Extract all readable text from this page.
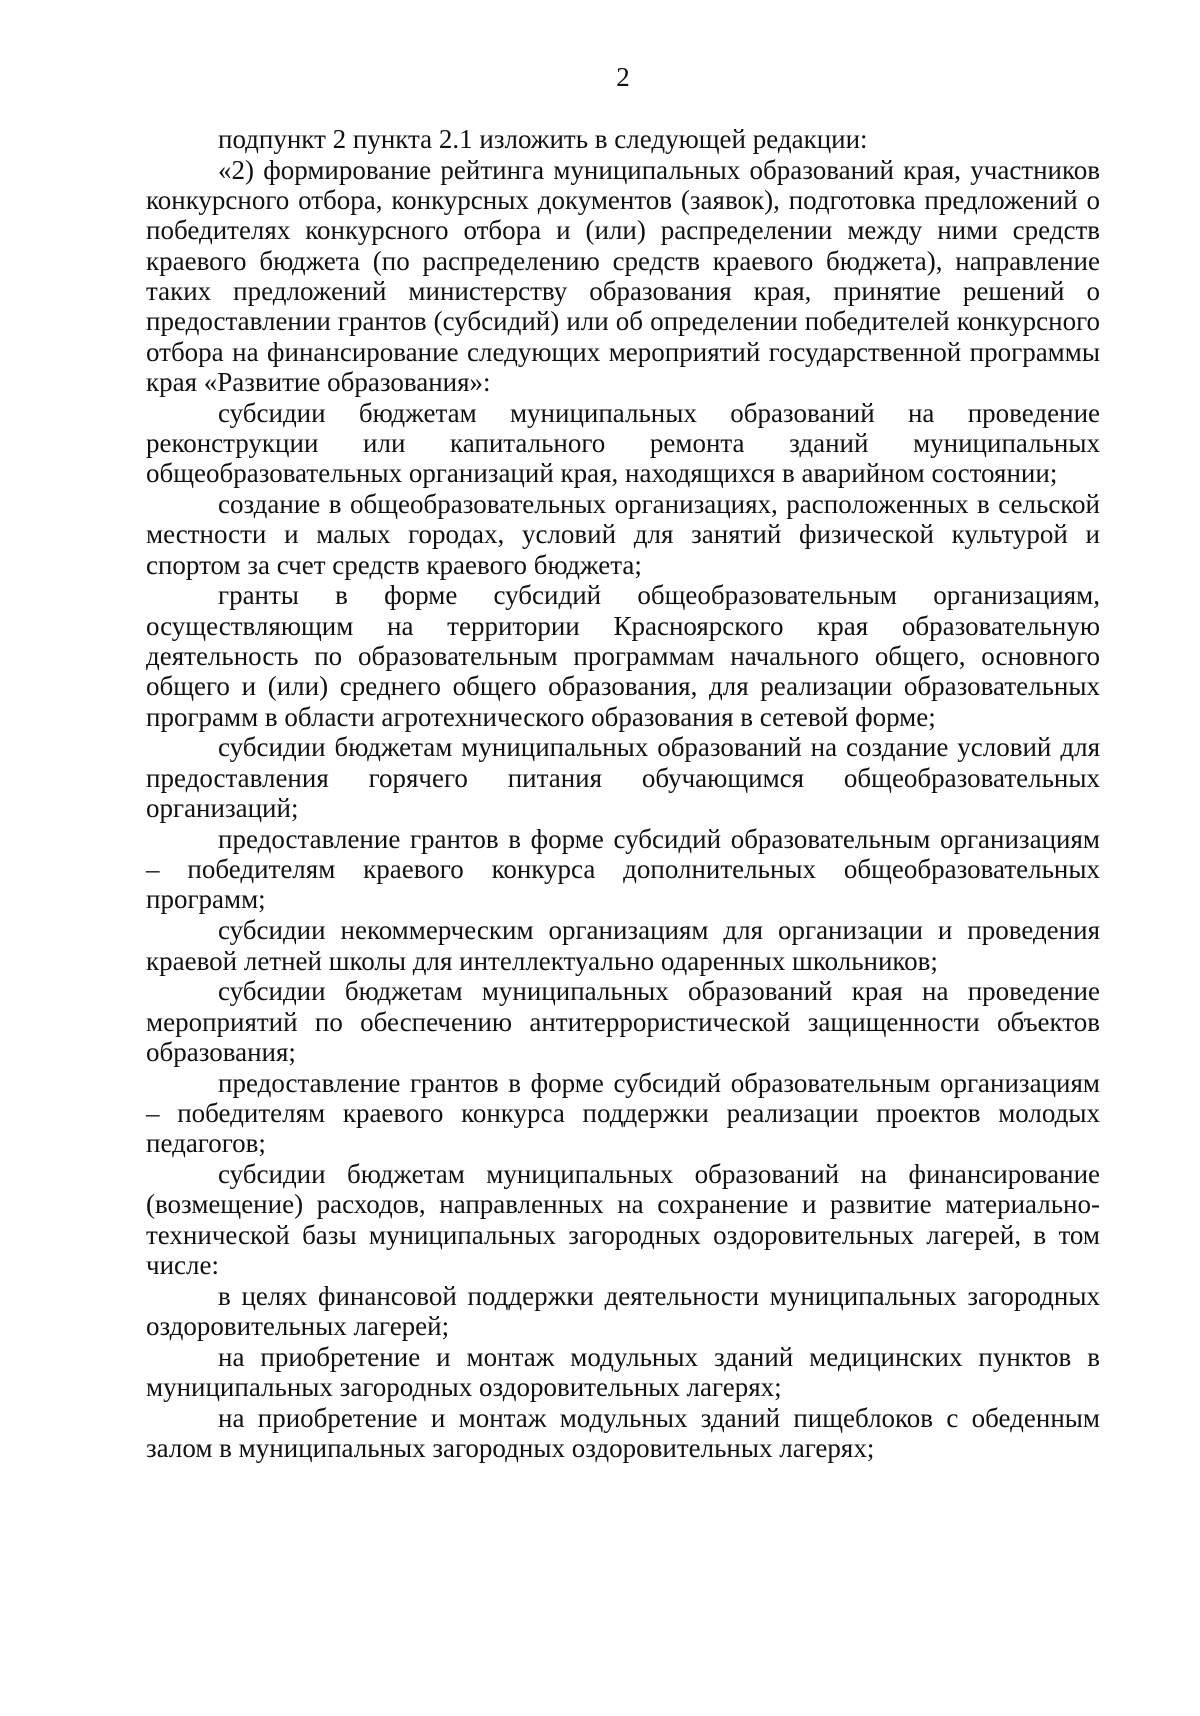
2

подпункт 2 пункта 2.1 изложить в следующей редакции:

«2) формирование рейтинга муниципальных образований края, участников конкурсного отбора, конкурсных документов (заявок), подготовка предложений о победителях конкурсного отбора и (или) распределении между ними средств краевого бюджета (по распределению средств краевого бюджета), направление таких предложений министерству образования края, принятие решений о предоставлении грантов (субсидий) или об определении победителей конкурсного отбора на финансирование следующих мероприятий государственной программы края «Развитие образования»:

субсидии бюджетам муниципальных образований на проведение реконструкции или капитального ремонта зданий муниципальных общеобразовательных организаций края, находящихся в аварийном состоянии;

создание в общеобразовательных организациях, расположенных в сельской местности и малых городах, условий для занятий физической культурой и спортом за счет средств краевого бюджета;

гранты в форме субсидий общеобразовательным организациям, осуществляющим на территории Красноярского края образовательную деятельность по образовательным программам начального общего, основного общего и (или) среднего общего образования, для реализации образовательных программ в области агротехнического образования в сетевой форме;

субсидии бюджетам муниципальных образований на создание условий для предоставления горячего питания обучающимся общеобразовательных организаций;

предоставление грантов в форме субсидий образовательным организациям – победителям краевого конкурса дополнительных общеобразовательных программ;

субсидии некоммерческим организациям для организации и проведения краевой летней школы для интеллектуально одаренных школьников;

субсидии бюджетам муниципальных образований края на проведение мероприятий по обеспечению антитеррористической защищенности объектов образования;

предоставление грантов в форме субсидий образовательным организациям – победителям краевого конкурса поддержки реализации проектов молодых педагогов;

субсидии бюджетам муниципальных образований на финансирование (возмещение) расходов, направленных на сохранение и развитие материально-технической базы муниципальных загородных оздоровительных лагерей, в том числе:

в целях финансовой поддержки деятельности муниципальных загородных оздоровительных лагерей;

на приобретение и монтаж модульных зданий медицинских пунктов в муниципальных загородных оздоровительных лагерях;

на приобретение и монтаж модульных зданий пищеблоков с обеденным залом в муниципальных загородных оздоровительных лагерях;
